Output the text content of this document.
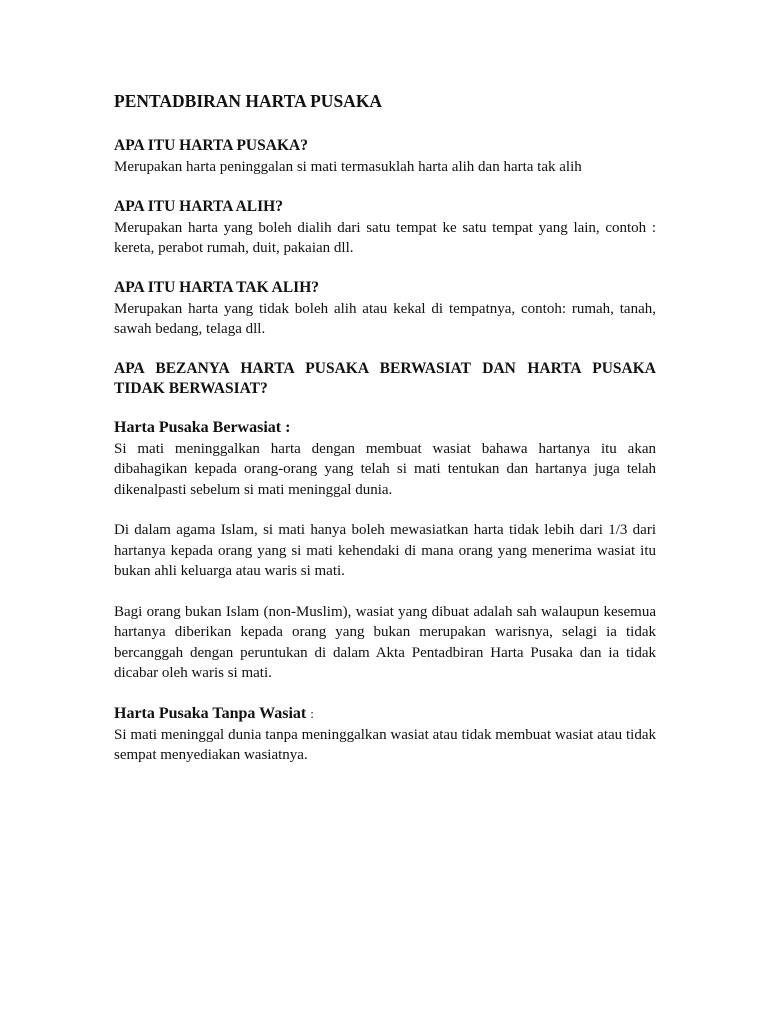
PENTADBIRAN HARTA PUSAKA
APA ITU HARTA PUSAKA?

Merupakan harta peninggalan si mati termasuklah harta alih dan harta tak alih

APA ITU HARTA ALIH?

Merupakan harta yang boleh dialih dari satu tempat ke satu tempat yang lain, contoh : kereta, perabot rumah, duit, pakaian dll.

APA ITU HARTA TAK ALIH?

Merupakan harta yang tidak boleh alih atau kekal di tempatnya, contoh: rumah, tanah, sawah bedang, telaga dll.

APA BEZANYA HARTA PUSAKA BERWASIAT DAN HARTA PUSAKA TIDAK BERWASIAT?
Harta Pusaka Berwasiat :

Si mati meninggalkan harta dengan membuat wasiat bahawa hartanya itu akan dibahagikan kepada orang-orang yang telah si mati tentukan dan hartanya juga telah dikenalpasti sebelum si mati meninggal dunia.

Di dalam agama Islam, si mati hanya boleh mewasiatkan harta tidak lebih dari 1/3 dari hartanya kepada orang yang si mati kehendaki di mana orang yang menerima wasiat itu bukan ahli keluarga atau waris si mati.

Bagi orang bukan Islam (non-Muslim), wasiat yang dibuat adalah sah walaupun kesemua hartanya diberikan kepada orang yang bukan merupakan warisnya, selagi ia tidak bercanggah dengan peruntukan di dalam Akta Pentadbiran Harta Pusaka dan ia tidak dicabar oleh waris si mati.

Harta Pusaka Tanpa Wasiat :

Si mati meninggal dunia tanpa meninggalkan wasiat atau tidak membuat wasiat atau tidak sempat menyediakan wasiatnya.
